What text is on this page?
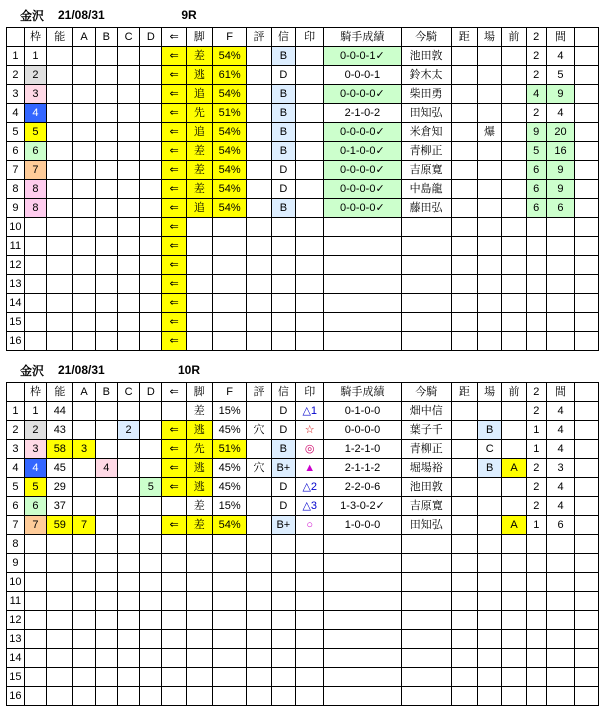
金沢	21/08/31	9R
	枠	能	A	B	C	D	⇐	脚	F	評	信	印	騎手成績	今騎	距	場	前	2	間	
1	1						⇐	差	54%		B		0-0-0-1✓	池田敦				2	4	
2	2						⇐	逃	61%		D		0-0-0-1	鈴木太				2	5	
3	3						⇐	追	54%		B		0-0-0-0✓	柴田勇				4	9	
4	4						⇐	先	51%		B		2-1-0-2	田知弘				2	4	
5	5						⇐	追	54%		B		0-0-0-0✓	米倉知		爆		9	20	
6	6						⇐	差	54%		B		0-1-0-0✓	青柳正				5	16	
7	7						⇐	差	54%		D		0-0-0-0✓	吉原寛				6	9	
8	8						⇐	差	54%		D		0-0-0-0✓	中島龍				6	9	
9	8						⇐	追	54%		B		0-0-0-0✓	藤田弘				6	6	
10							⇐													
11							⇐													
12							⇐													
13							⇐													
14							⇐													
15							⇐													
16							⇐													
金沢	21/08/31	10R
	枠	能	A	B	C	D	⇐	脚	F	評	信	印	騎手成績	今騎	距	場	前	2	間	
1	1	44						差	15%		D	△1	0-1-0-0	畑中信				2	4	
2	2	43			2		⇐	逃	45%	穴	D	☆	0-0-0-0	葉子千		B		1	4	
3	3	58	3				⇐	先	51%		B	◎	1-2-1-0	青柳正		C		1	4	
4	4	45		4			⇐	逃	45%	穴	B+	▲	2-1-1-2	堀場裕		B	A	2	3	
5	5	29				5	⇐	逃	45%		D	△2	2-2-0-6	池田敦				2	4	
6	6	37						差	15%		D	△3	1-3-0-2✓	吉原寛				2	4	
7	7	59	7				⇐	差	54%		B+	○	1-0-0-0	田知弘			A	1	6	
8																				
9																				
10																				
11																				
12																				
13																				
14																				
15																				
16																				
